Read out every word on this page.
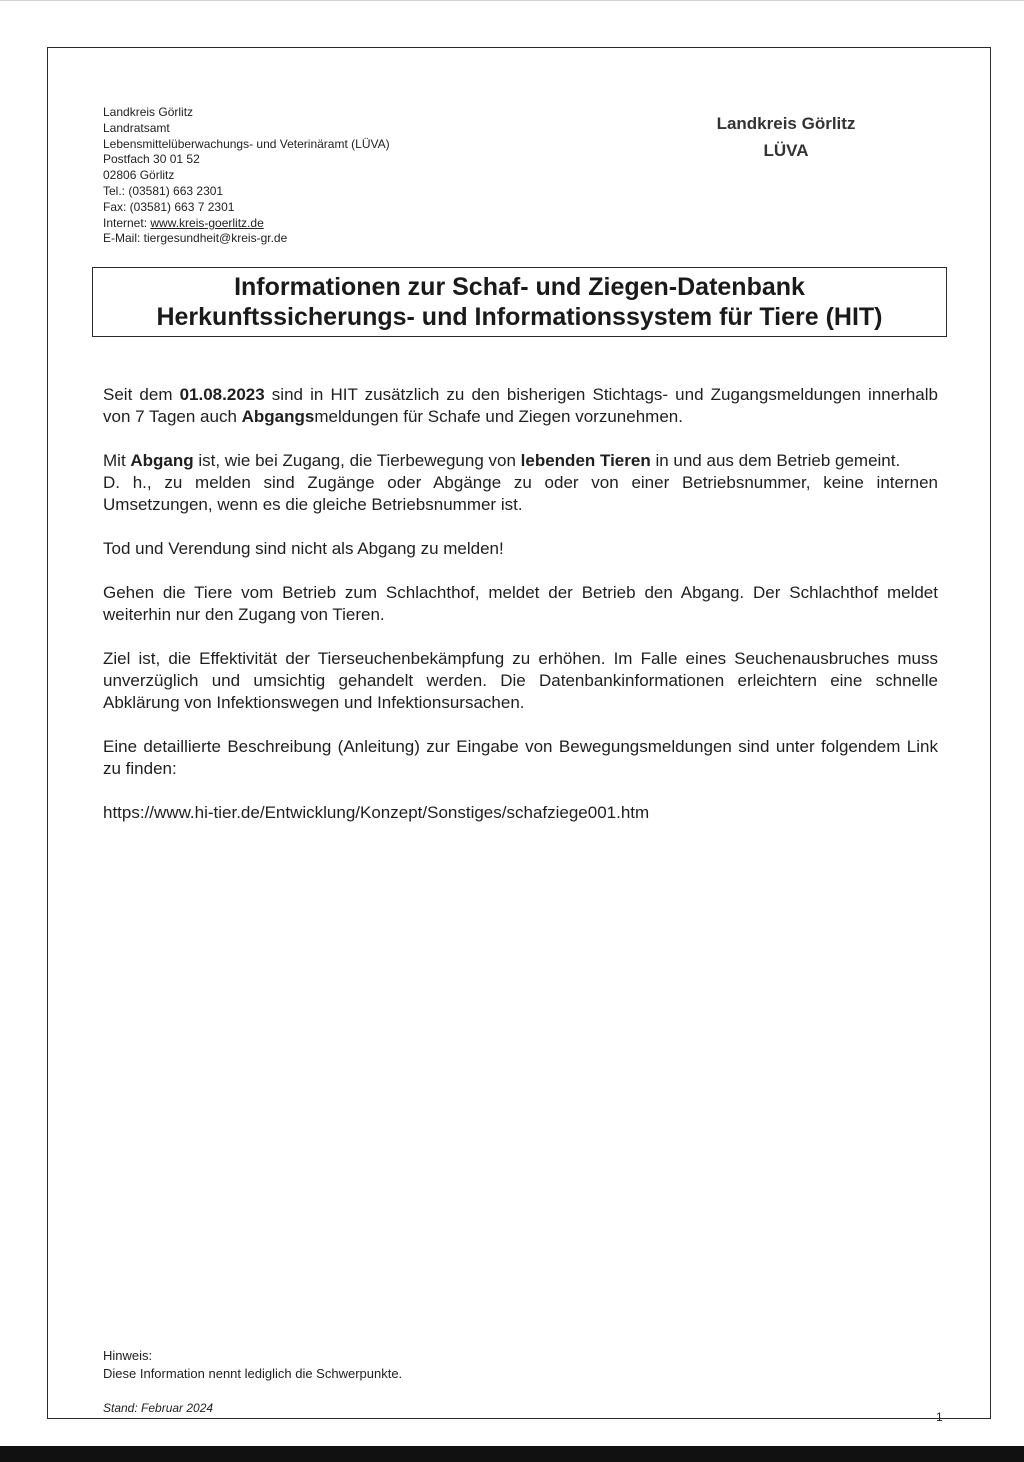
Landkreis Görlitz
Landratsamt
Lebensmittelüberwachungs- und Veterinäramt (LÜVA)
Postfach 30 01 52
02806 Görlitz
Tel.: (03581) 663 2301
Fax: (03581) 663 7 2301
Internet: www.kreis-goerlitz.de
E-Mail: tiergesundheit@kreis-gr.de
Landkreis Görlitz
LÜVA
Informationen zur Schaf- und Ziegen-Datenbank
Herkunftssicherungs- und Informationssystem für Tiere (HIT)

Seit dem 01.08.2023 sind in HIT zusätzlich zu den bisherigen Stichtags- und Zugangsmeldungen innerhalb von 7 Tagen auch Abgangsmeldungen für Schafe und Ziegen vorzunehmen.

Mit Abgang ist, wie bei Zugang, die Tierbewegung von lebenden Tieren in und aus dem Betrieb gemeint.

D. h., zu melden sind Zugänge oder Abgänge zu oder von einer Betriebsnummer, keine internen Umsetzungen, wenn es die gleiche Betriebsnummer ist.

Tod und Verendung sind nicht als Abgang zu melden!

Gehen die Tiere vom Betrieb zum Schlachthof, meldet der Betrieb den Abgang. Der Schlachthof meldet weiterhin nur den Zugang von Tieren.

Ziel ist, die Effektivität der Tierseuchenbekämpfung zu erhöhen. Im Falle eines Seuchenausbruches muss unverzüglich und umsichtig gehandelt werden. Die Datenbankinformationen erleichtern eine schnelle Abklärung von Infektionswegen und Infektionsursachen.

Eine detaillierte Beschreibung (Anleitung) zur Eingabe von Bewegungsmeldungen sind unter folgendem Link zu finden:

https://www.hi-tier.de/Entwicklung/Konzept/Sonstiges/schafziege001.htm

Hinweis:
Diese Information nennt lediglich die Schwerpunkte.
Stand: Februar 2024
1
